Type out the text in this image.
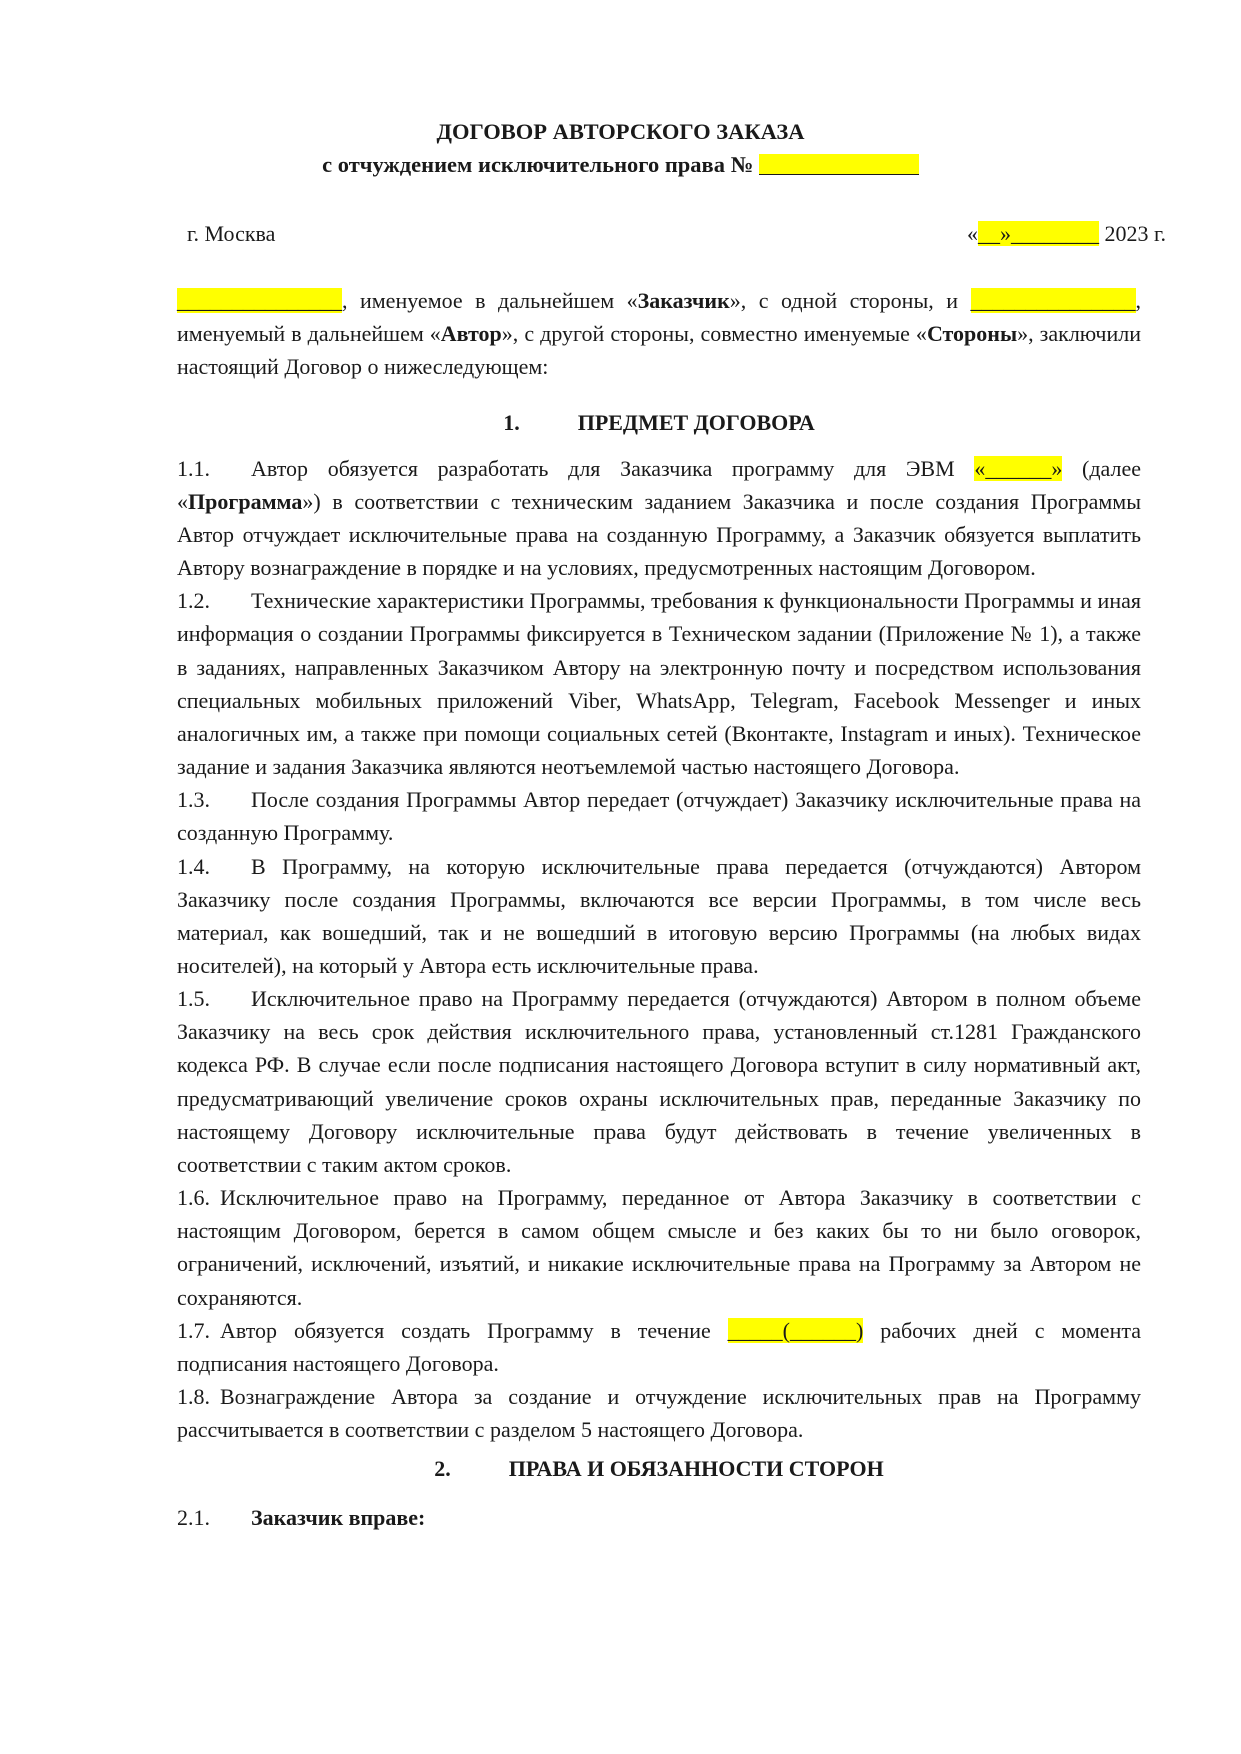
ДОГОВОР АВТОРСКОГО ЗАКАЗА
с отчуждением исключительного права №
г. Москва	«__»________ 2023 г.

_______________, именуемое в дальнейшем «Заказчик», с одной стороны, и _______________, именуемый в дальнейшем «Автор», с другой стороны, совместно именуемые «Стороны», заключили настоящий Договор о нижеследующем:

1.	ПРЕДМЕТ ДОГОВОРА

1.1. Автор обязуется разработать для Заказчика программу для ЭВМ «______» (далее «Программа») в соответствии с техническим заданием Заказчика и после создания Программы Автор отчуждает исключительные права на созданную Программу, а Заказчик обязуется выплатить Автору вознаграждение в порядке и на условиях, предусмотренных настоящим Договором.

1.2. Технические характеристики Программы, требования к функциональности Программы и иная информация о создании Программы фиксируется в Техническом задании (Приложение № 1), а также в заданиях, направленных Заказчиком Автору на электронную почту и посредством использования специальных мобильных приложений Viber, WhatsApp, Telegram, Facebook Messenger и иных аналогичных им, а также при помощи социальных сетей (Вконтакте, Instagram и иных). Техническое задание и задания Заказчика являются неотъемлемой частью настоящего Договора.

1.3. После создания Программы Автор передает (отчуждает) Заказчику исключительные права на созданную Программу.

1.4. В Программу, на которую исключительные права передается (отчуждаются) Автором Заказчику после создания Программы, включаются все версии Программы, в том числе весь материал, как вошедший, так и не вошедший в итоговую версию Программы (на любых видах носителей), на который у Автора есть исключительные права.

1.5. Исключительное право на Программу передается (отчуждаются) Автором в полном объеме Заказчику на весь срок действия исключительного права, установленный ст.1281 Гражданского кодекса РФ. В случае если после подписания настоящего Договора вступит в силу нормативный акт, предусматривающий увеличение сроков охраны исключительных прав, переданные Заказчику по настоящему Договору исключительные права будут действовать в течение увеличенных в соответствии с таким актом сроков.

1.6. Исключительное право на Программу, переданное от Автора Заказчику в соответствии с настоящим Договором, берется в самом общем смысле и без каких бы то ни было оговорок, ограничений, исключений, изъятий, и никакие исключительные права на Программу за Автором не сохраняются.

1.7. Автор обязуется создать Программу в течение _____(______) рабочих дней с момента подписания настоящего Договора.

1.8. Вознаграждение Автора за создание и отчуждение исключительных прав на Программу рассчитывается в соответствии с разделом 5 настоящего Договора.

2.	ПРАВА И ОБЯЗАННОСТИ СТОРОН

2.1. Заказчик вправе:
